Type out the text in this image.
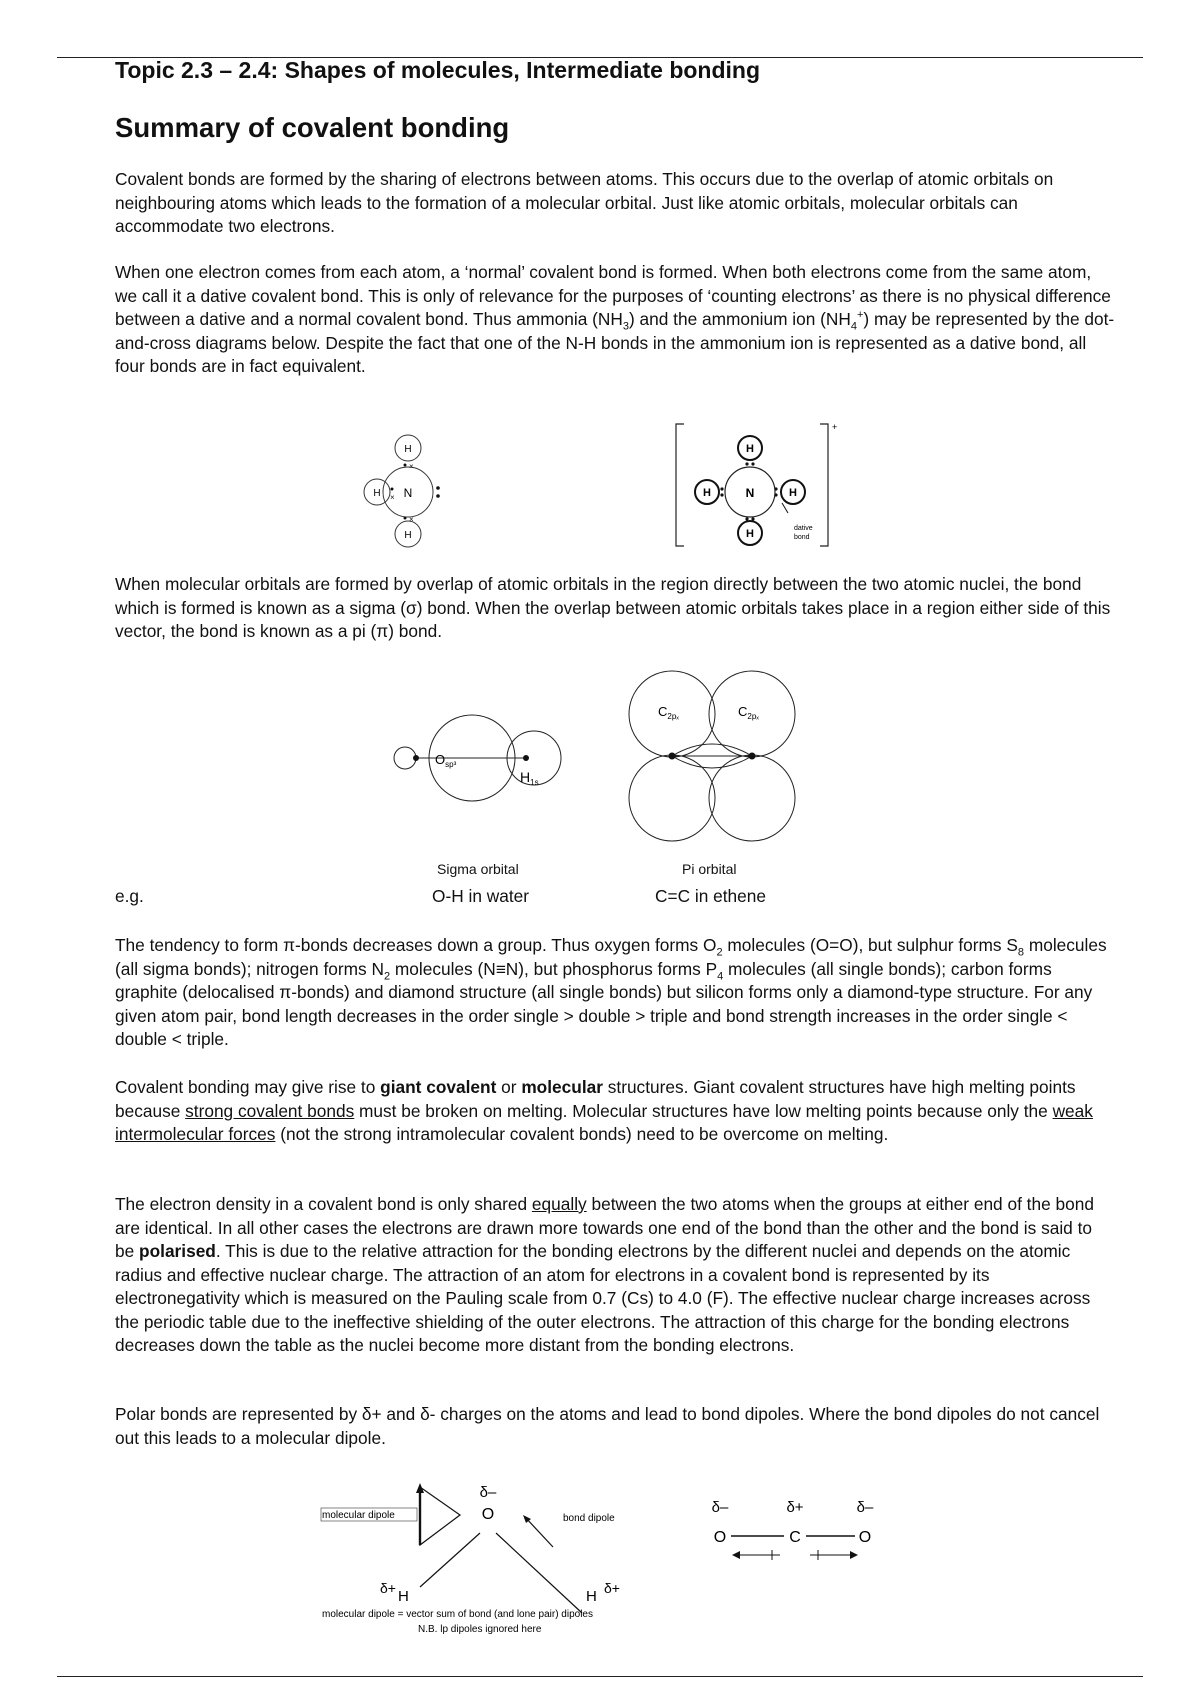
Topic 2.3 – 2.4: Shapes of molecules, Intermediate bonding
Summary of covalent bonding

Covalent bonds are formed by the sharing of electrons between atoms. This occurs due to the overlap of atomic orbitals on neighbouring atoms which leads to the formation of a molecular orbital. Just like atomic orbitals, molecular orbitals can accommodate two electrons.

When one electron comes from each atom, a ‘normal’ covalent bond is formed. When both electrons come from the same atom, we call it a dative covalent bond. This is only of relevance for the purposes of ‘counting electrons’ as there is no physical difference between a dative and a normal covalent bond. Thus ammonia $(NH_3)$ and the ammonium ion $(NH_4^+)$ may be represented by the dot-and-cross diagrams below. Despite the fact that one of the N-H bonds in the ammonium ion is represented as a dative bond, all four bonds are in fact equivalent.

N
H
H
H
×
×
×
+
N
H
H
H	H
dative
bond

When molecular orbitals are formed by overlap of atomic orbitals in the region directly between the two atomic nuclei, the bond which is formed is known as a sigma (σ) bond. When the overlap between atomic orbitals takes place in a region either side of this vector, the bond is known as a pi (π) bond.

$O_{sp^3}$
$H_{1s}$
$C_{2p_x}$	$C_{2p_x}$
Sigma orbital	Pi orbital
e.g.	O-H in water	C=C in ethene

The tendency to form π-bonds decreases down a group. Thus oxygen forms $O_2$ molecules (O=O), but sulphur forms $S_8$ molecules (all sigma bonds); nitrogen forms $N_2$ molecules (N≡N), but phosphorus forms $P_4$ molecules (all single bonds); carbon forms graphite (delocalised π-bonds) and diamond structure (all single bonds) but silicon forms only a diamond-type structure. For any given atom pair, bond length decreases in the order single > double > triple and bond strength increases in the order single < double < triple.

Covalent bonding may give rise to giant covalent or molecular structures. Giant covalent structures have high melting points because strong covalent bonds must be broken on melting. Molecular structures have low melting points because only the weak intermolecular forces (not the strong intramolecular covalent bonds) need to be overcome on melting.

The electron density in a covalent bond is only shared equally between the two atoms when the groups at either end of the bond are identical. In all other cases the electrons are drawn more towards one end of the bond than the other and the bond is said to be polarised. This is due to the relative attraction for the bonding electrons by the different nuclei and depends on the atomic radius and effective nuclear charge. The attraction of an atom for electrons in a covalent bond is represented by its electronegativity which is measured on the Pauling scale from 0.7 (Cs) to 4.0 (F). The effective nuclear charge increases across the periodic table due to the ineffective shielding of the outer electrons. The attraction of this charge for the bonding electrons decreases down the table as the nuclei become more distant from the bonding electrons.

Polar bonds are represented by δ+ and δ- charges on the atoms and lead to bond dipoles. Where the bond dipoles do not cancel out this leads to a molecular dipole.

molecular dipole	bond dipole
δ–
O
δ+ H	H δ+
molecular dipole = vector sum of bond (and lone pair) dipoles
N.B. lp dipoles ignored here
δ–	δ+	δ–
O	C	O
